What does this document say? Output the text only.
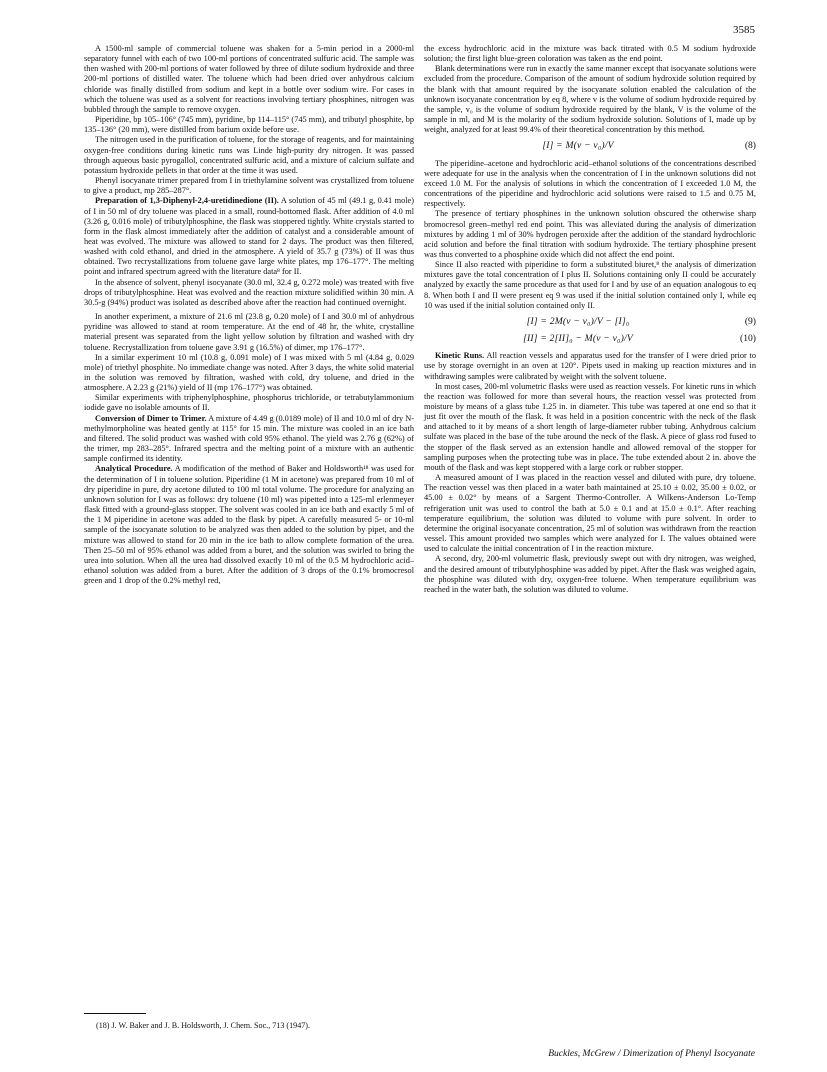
3585

A 1500-ml sample of commercial toluene was shaken for a 5-min period in a 2000-ml separatory funnel with each of two 100-ml portions of concentrated sulfuric acid. The sample was then washed with 200-ml portions of water followed by three of dilute sodium hydroxide and three 200-ml portions of distilled water. The toluene which had been dried over anhydrous calcium chloride was finally distilled from sodium and kept in a bottle over sodium wire. For cases in which the toluene was used as a solvent for reactions involving tertiary phosphines, nitrogen was bubbled through the sample to remove oxygen.

Piperidine, bp 105–106° (745 mm), pyridine, bp 114–115° (745 mm), and tributyl phosphite, bp 135–136° (20 mm), were distilled from barium oxide before use.

The nitrogen used in the purification of toluene, for the storage of reagents, and for maintaining oxygen-free conditions during kinetic runs was Linde high-purity dry nitrogen. It was passed through aqueous basic pyrogallol, concentrated sulfuric acid, and a mixture of calcium sulfate and potassium hydroxide pellets in that order at the time it was used.

Phenyl isocyanate trimer prepared from I in triethylamine solvent was crystallized from toluene to give a product, mp 285–287°.

Preparation of 1,3-Diphenyl-2,4-uretidinedione (II). A solution of 45 ml (49.1 g, 0.41 mole) of I in 50 ml of dry toluene was placed in a small, round-bottomed flask. After addition of 4.0 ml (3.26 g, 0.016 mole) of tributylphosphine, the flask was stoppered tightly. White crystals started to form in the flask almost immediately after the addition of catalyst and a considerable amount of heat was evolved. The mixture was allowed to stand for 2 days. The product was then filtered, washed with cold ethanol, and dried in the atmosphere. A yield of 35.7 g (73%) of II was thus obtained. Two recrystallizations from toluene gave large white plates, mp 176–177°. The melting point and infrared spectrum agreed with the literature data⁸ for II.

In the absence of solvent, phenyl isocyanate (30.0 ml, 32.4 g, 0.272 mole) was treated with five drops of tributylphosphine. Heat was evolved and the reaction mixture solidified within 30 min. A 30.5-g (94%) product was isolated as described above after the reaction had continued overnight.

In another experiment, a mixture of 21.6 ml (23.8 g, 0.20 mole) of I and 30.0 ml of anhydrous pyridine was allowed to stand at room temperature. At the end of 48 hr, the white, crystalline material present was separated from the light yellow solution by filtration and washed with dry toluene. Recrystallization from toluene gave 3.91 g (16.5%) of dimer, mp 176–177°.

In a similar experiment 10 ml (10.8 g, 0.091 mole) of I was mixed with 5 ml (4.84 g, 0.029 mole) of triethyl phosphite. No immediate change was noted. After 3 days, the white solid material in the solution was removed by filtration, washed with cold, dry toluene, and dried in the atmosphere. A 2.23 g (21%) yield of II (mp 176–177°) was obtained.

Similar experiments with triphenylphosphine, phosphorus trichloride, or tetrabutylammonium iodide gave no isolable amounts of II.

Conversion of Dimer to Trimer. A mixture of 4.49 g (0.0189 mole) of II and 10.0 ml of dry N-methylmorpholine was heated gently at 115° for 15 min. The mixture was cooled in an ice bath and filtered. The solid product was washed with cold 95% ethanol. The yield was 2.76 g (62%) of the trimer, mp 283–285°. Infrared spectra and the melting point of a mixture with an authentic sample confirmed its identity.

Analytical Procedure. A modification of the method of Baker and Holdsworth¹⁸ was used for the determination of I in toluene solution. Piperidine (1 M in acetone) was prepared from 10 ml of dry piperidine in pure, dry acetone diluted to 100 ml total volume. The procedure for analyzing an unknown solution for I was as follows: dry toluene (10 ml) was pipetted into a 125-ml erlenmeyer flask fitted with a ground-glass stopper. The solvent was cooled in an ice bath and exactly 5 ml of the 1 M piperidine in acetone was added to the flask by pipet. A carefully measured 5- or 10-ml sample of the isocyanate solution to be analyzed was then added to the solution by pipet, and the mixture was allowed to stand for 20 min in the ice bath to allow complete formation of the urea. Then 25–50 ml of 95% ethanol was added from a buret, and the solution was swirled to bring the urea into solution. When all the urea had dissolved exactly 10 ml of the 0.5 M hydrochloric acid–ethanol solution was added from a buret. After the addition of 3 drops of the 0.1% bromocresol green and 1 drop of the 0.2% methyl red,

the excess hydrochloric acid in the mixture was back titrated with 0.5 M sodium hydroxide solution; the first light blue-green coloration was taken as the end point.

Blank determinations were run in exactly the same manner except that isocyanate solutions were excluded from the procedure. Comparison of the amount of sodium hydroxide solution required by the blank with that amount required by the isocyanate solution enabled the calculation of the unknown isocyanate concentration by eq 8, where v is the volume of sodium hydroxide required by the sample, v₀ is the volume of sodium hydroxide required by the blank, V is the volume of the sample in ml, and M is the molarity of the sodium hydroxide solution. Solutions of I, made up by weight, analyzed for at least 99.4% of their theoretical concentration by this method.

[I] = M(v − v₀)/V	(8)

The piperidine–acetone and hydrochloric acid–ethanol solutions of the concentrations described were adequate for use in the analysis when the concentration of I in the unknown solutions did not exceed 1.0 M. For the analysis of solutions in which the concentration of I exceeded 1.0 M, the concentrations of the piperidine and hydrochloric acid solutions were raised to 1.5 and 0.75 M, respectively.

The presence of tertiary phosphines in the unknown solution obscured the otherwise sharp bromocresol green–methyl red end point. This was alleviated during the analysis of dimerization mixtures by adding 1 ml of 30% hydrogen peroxide after the addition of the standard hydrochloric acid solution and before the final titration with sodium hydroxide. The tertiary phosphine present was thus converted to a phosphine oxide which did not affect the end point.

Since II also reacted with piperidine to form a substituted biuret,⁸ the analysis of dimerization mixtures gave the total concentration of I plus II. Solutions containing only II could be accurately analyzed by exactly the same procedure as that used for I and by use of an equation analogous to eq 8. When both I and II were present eq 9 was used if the initial solution contained only I, while eq 10 was used if the initial solution contained only II.

[I] = 2M(v − v₀)/V − [I]₀	(9)
[II] = 2[II]₀ − M(v − v₀)/V	(10)

Kinetic Runs. All reaction vessels and apparatus used for the transfer of I were dried prior to use by storage overnight in an oven at 120°. Pipets used in making up reaction mixtures and in withdrawing samples were calibrated by weight with the solvent toluene.

In most cases, 200-ml volumetric flasks were used as reaction vessels. For kinetic runs in which the reaction was followed for more than several hours, the reaction vessel was protected from moisture by means of a glass tube 1.25 in. in diameter. This tube was tapered at one end so that it just fit over the mouth of the flask. It was held in a position concentric with the neck of the flask and attached to it by means of a short length of large-diameter rubber tubing. Anhydrous calcium sulfate was placed in the base of the tube around the neck of the flask. A piece of glass rod fused to the stopper of the flask served as an extension handle and allowed removal of the stopper for sampling purposes when the protecting tube was in place. The tube extended about 2 in. above the mouth of the flask and was kept stoppered with a large cork or rubber stopper.

A measured amount of I was placed in the reaction vessel and diluted with pure, dry toluene. The reaction vessel was then placed in a water bath maintained at 25.10 ± 0.02, 35.00 ± 0.02, or 45.00 ± 0.02° by means of a Sargent Thermo-Controller. A Wilkens-Anderson Lo-Temp refrigeration unit was used to control the bath at 5.0 ± 0.1 and at 15.0 ± 0.1°. After reaching temperature equilibrium, the solution was diluted to volume with pure solvent. In order to determine the original isocyanate concentration, 25 ml of solution was withdrawn from the reaction vessel. This amount provided two samples which were analyzed for I. The values obtained were used to calculate the initial concentration of I in the reaction mixture.

A second, dry, 200-ml volumetric flask, previously swept out with dry nitrogen, was weighed, and the desired amount of tributylphosphine was added by pipet. After the flask was weighed again, the phosphine was diluted with dry, oxygen-free toluene. When temperature equilibrium was reached in the water bath, the solution was diluted to volume.

(18) J. W. Baker and J. B. Holdsworth, J. Chem. Soc., 713 (1947).
Buckles, McGrew / Dimerization of Phenyl Isocyanate
